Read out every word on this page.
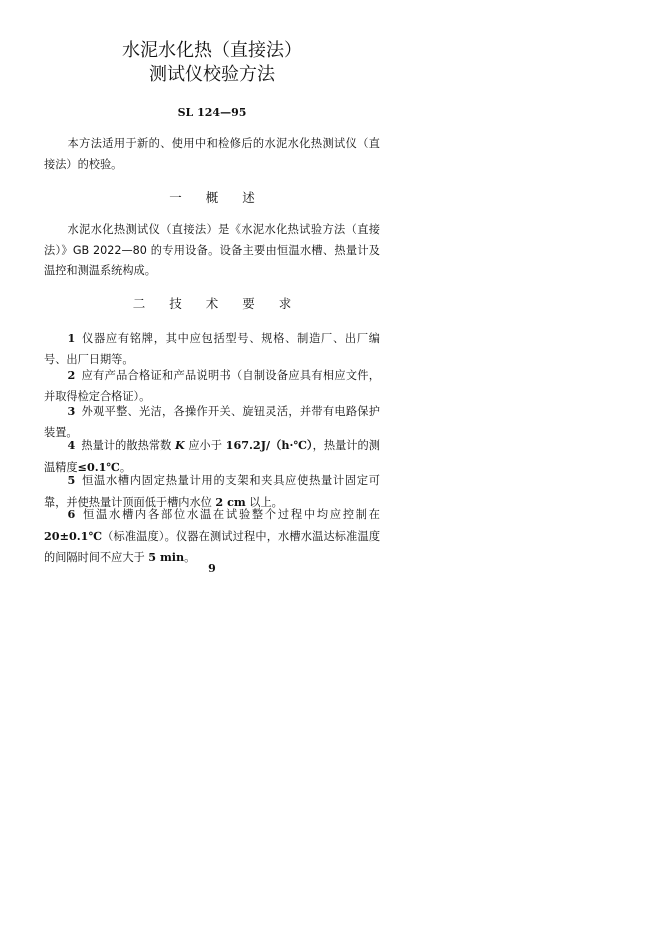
水泥水化热（直接法）
测试仪校验方法
SL 124—95
本方法适用于新的、使用中和检修后的水泥水化热测试仪（直接法）的校验。
一 概 述
水泥水化热测试仪（直接法）是《水泥水化热试验方法（直接法）》GB 2022—80 的专用设备。设备主要由恒温水槽、热量计及温控和测温系统构成。
二 技 术 要 求
1 仪器应有铭牌，其中应包括型号、规格、制造厂、出厂编号、出厂日期等。
2 应有产品合格证和产品说明书（自制设备应具有相应文件，并取得检定合格证）。
3 外观平整、光洁，各操作开关、旋钮灵活，并带有电路保护装置。
4 热量计的散热常数 K 应小于 167.2J/（h·℃），热量计的测温精度≤0.1℃。
5 恒温水槽内固定热量计用的支架和夹具应使热量计固定可靠，并使热量计顶面低于槽内水位 2 cm 以上。
6 恒温水槽内各部位水温在试验整个过程中均应控制在 20±0.1℃（标准温度）。仪器在测试过程中，水槽水温达标准温度的间隔时间不应大于 5 min。
9
